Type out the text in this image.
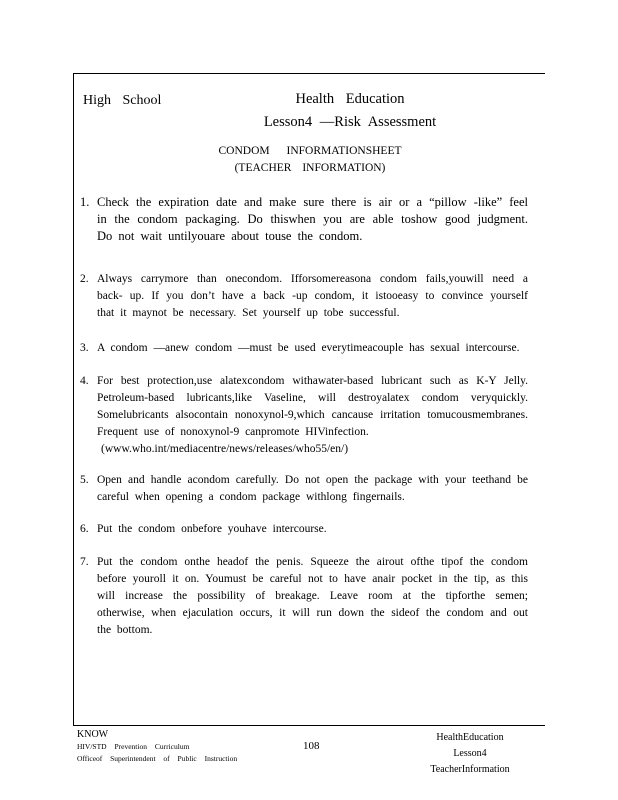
High School	Health Education
Lesson4 —Risk Assessment
CONDOM INFORMATIONSHEET
(TEACHER INFORMATION)
1. Check the expiration date and make sure there is air or a “pillow -like” feel in the condom packaging. Do thiswhen you are able toshow good judgment. Do not wait untilyouare about touse the condom.
2. Always carrymore than onecondom. Ifforsomereasona condom fails,youwill need a back- up. If you don’t have a back -up condom, it istooeasy to convince yourself that it maynot be necessary. Set yourself up tobe successful.
3. A condom —anew condom —must be used everytimeacouple has sexual intercourse.
4. For best protection,use alatexcondom withawater-based lubricant such as K-Y Jelly. Petroleum-based lubricants,like Vaseline, will destroyalatex condom veryquickly. Somelubricants alsocontain nonoxynol-9,which cancause irritation tomucousmembranes. Frequent use of nonoxynol-9 canpromote HIVinfection.
(www.who.int/mediacentre/news/releases/who55/en/)
5. Open and handle acondom carefully. Do not open the package with your teethand be careful when opening a condom package withlong fingernails.
6. Put the condom onbefore youhave intercourse.
7. Put the condom onthe headof the penis. Squeeze the airout ofthe tipof the condom before youroll it on. Youmust be careful not to have anair pocket in the tip, as this will increase the possibility of breakage. Leave room at the tipforthe semen; otherwise, when ejaculation occurs, it will run down the sideof the condom and out the bottom.
KNOW
HIV/STD Prevention Curriculum
Officeof Superintendent of Public Instruction
108
HealthEducation
Lesson4
TeacherInformation
